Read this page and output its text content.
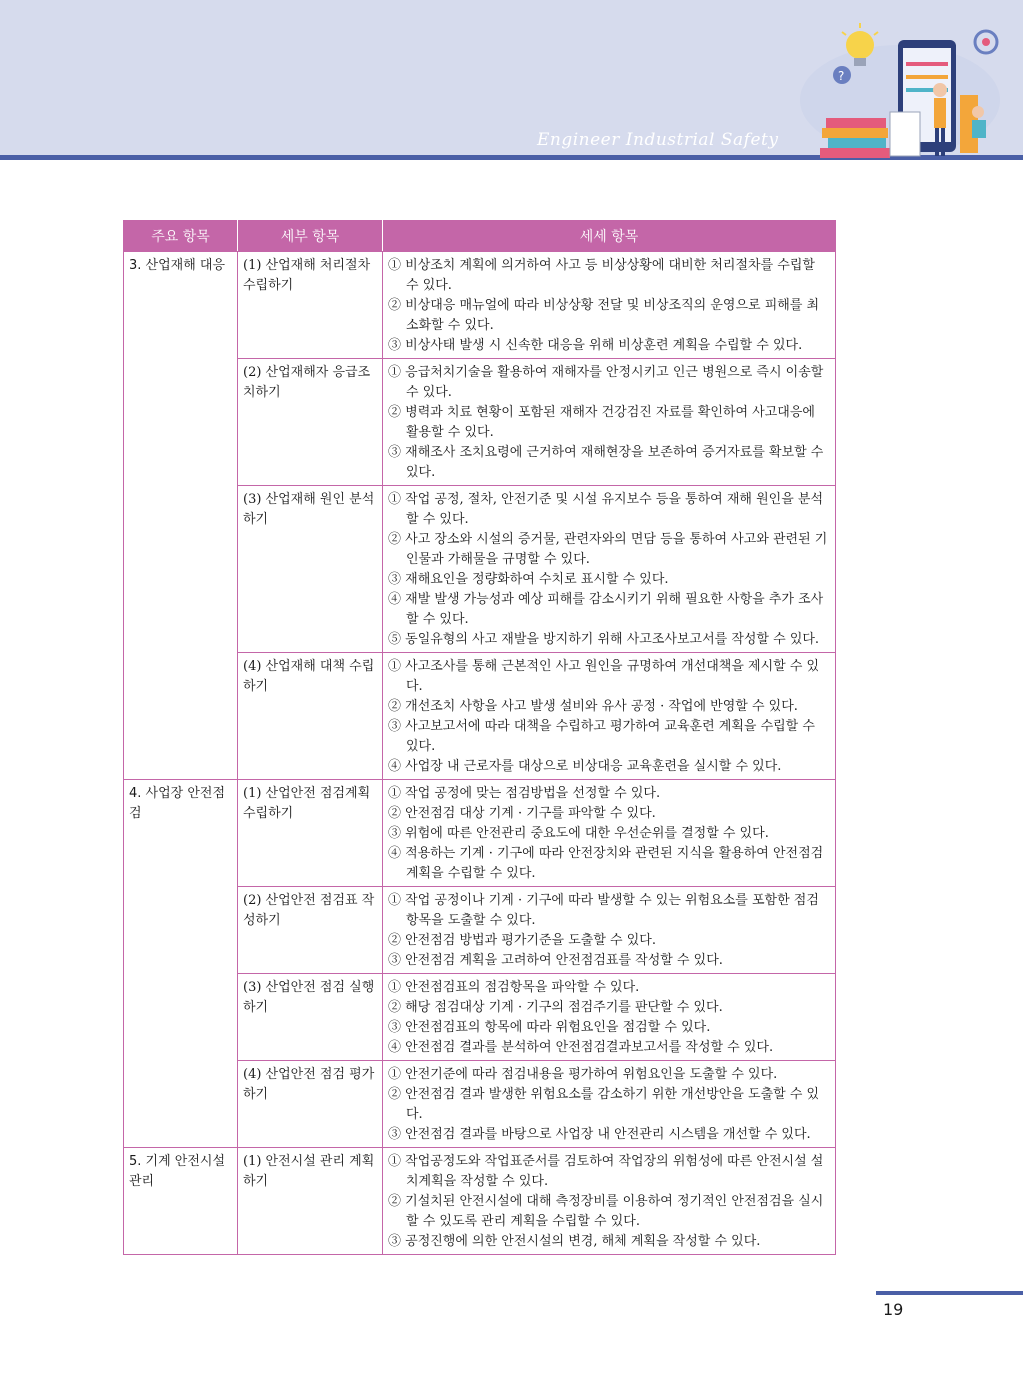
Engineer Industrial Safety
?
주요 항목	세부 항목	세세 항목
3. 산업재해 대응	(1) 산업재해 처리절차 수립하기	① 비상조치 계획에 의거하여 사고 등 비상상황에 대비한 처리절차를 수립할 수 있다.
② 비상대응 매뉴얼에 따라 비상상황 전달 및 비상조직의 운영으로 피해를 최소화할 수 있다.
③ 비상사태 발생 시 신속한 대응을 위해 비상훈련 계획을 수립할 수 있다.

	(2) 산업재해자 응급조치하기	① 응급처치기술을 활용하여 재해자를 안정시키고 인근 병원으로 즉시 이송할 수 있다.
② 병력과 치료 현황이 포함된 재해자 건강검진 자료를 확인하여 사고대응에 활용할 수 있다.
③ 재해조사 조치요령에 근거하여 재해현장을 보존하여 증거자료를 확보할 수 있다.

	(3) 산업재해 원인 분석하기	① 작업 공정, 절차, 안전기준 및 시설 유지보수 등을 통하여 재해 원인을 분석할 수 있다.
② 사고 장소와 시설의 증거물, 관련자와의 면담 등을 통하여 사고와 관련된 기인물과 가해물을 규명할 수 있다.
③ 재해요인을 정량화하여 수치로 표시할 수 있다.
④ 재발 발생 가능성과 예상 피해를 감소시키기 위해 필요한 사항을 추가 조사할 수 있다.
⑤ 동일유형의 사고 재발을 방지하기 위해 사고조사보고서를 작성할 수 있다.

	(4) 산업재해 대책 수립하기	① 사고조사를 통해 근본적인 사고 원인을 규명하여 개선대책을 제시할 수 있다.
② 개선조치 사항을 사고 발생 설비와 유사 공정 · 작업에 반영할 수 있다.
③ 사고보고서에 따라 대책을 수립하고 평가하여 교육훈련 계획을 수립할 수 있다.
④ 사업장 내 근로자를 대상으로 비상대응 교육훈련을 실시할 수 있다.

4. 사업장 안전점검	(1) 산업안전 점검계획 수립하기	① 작업 공정에 맞는 점검방법을 선정할 수 있다.
② 안전점검 대상 기계 · 기구를 파악할 수 있다.
③ 위험에 따른 안전관리 중요도에 대한 우선순위를 결정할 수 있다.
④ 적용하는 기계 · 기구에 따라 안전장치와 관련된 지식을 활용하여 안전점검 계획을 수립할 수 있다.

	(2) 산업안전 점검표 작성하기	① 작업 공정이나 기계 · 기구에 따라 발생할 수 있는 위험요소를 포함한 점검항목을 도출할 수 있다.
② 안전점검 방법과 평가기준을 도출할 수 있다.
③ 안전점검 계획을 고려하여 안전점검표를 작성할 수 있다.

	(3) 산업안전 점검 실행하기	① 안전점검표의 점검항목을 파악할 수 있다.
② 해당 점검대상 기계 · 기구의 점검주기를 판단할 수 있다.
③ 안전점검표의 항목에 따라 위험요인을 점검할 수 있다.
④ 안전점검 결과를 분석하여 안전점검결과보고서를 작성할 수 있다.

	(4) 산업안전 점검 평가하기	① 안전기준에 따라 점검내용을 평가하여 위험요인을 도출할 수 있다.
② 안전점검 결과 발생한 위험요소를 감소하기 위한 개선방안을 도출할 수 있다.
③ 안전점검 결과를 바탕으로 사업장 내 안전관리 시스템을 개선할 수 있다.

5. 기계 안전시설 관리	(1) 안전시설 관리 계획하기	① 작업공정도와 작업표준서를 검토하여 작업장의 위험성에 따른 안전시설 설치계획을 작성할 수 있다.
② 기설치된 안전시설에 대해 측정장비를 이용하여 정기적인 안전점검을 실시할 수 있도록 관리 계획을 수립할 수 있다.
③ 공정진행에 의한 안전시설의 변경, 해체 계획을 작성할 수 있다.
19
